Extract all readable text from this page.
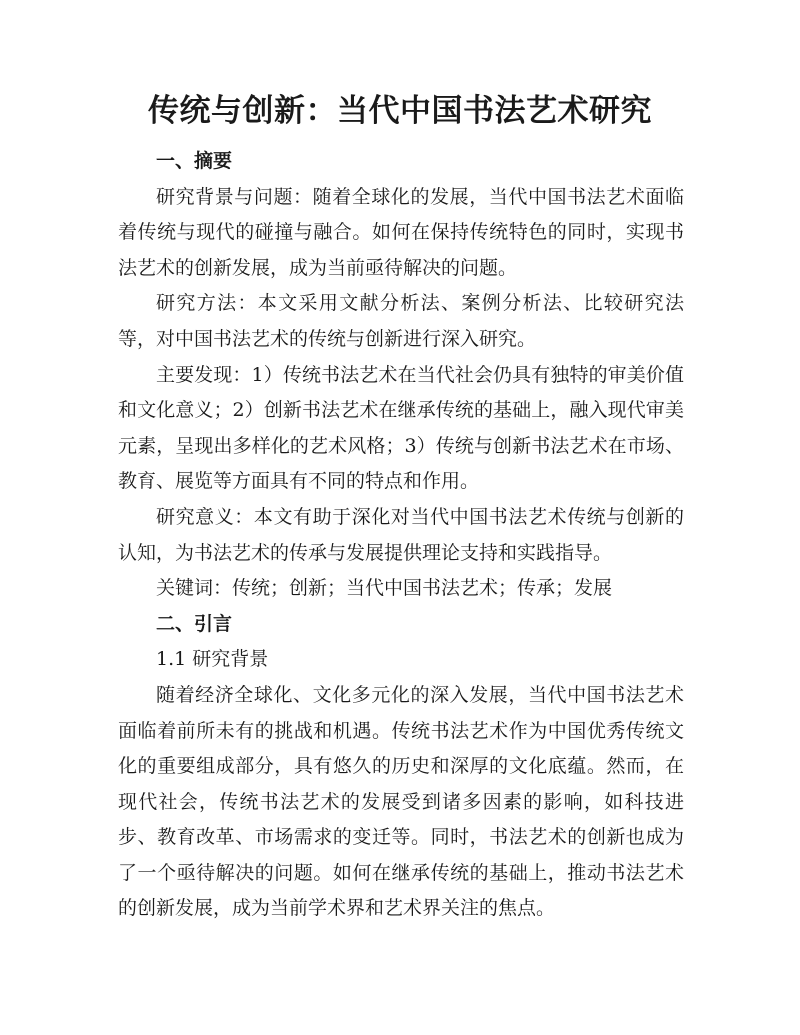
传统与创新：当代中国书法艺术研究

一、摘要

研究背景与问题：随着全球化的发展，当代中国书法艺术面临着传统与现代的碰撞与融合。如何在保持传统特色的同时，实现书法艺术的创新发展，成为当前亟待解决的问题。

研究方法：本文采用文献分析法、案例分析法、比较研究法等，对中国书法艺术的传统与创新进行深入研究。

主要发现：1）传统书法艺术在当代社会仍具有独特的审美价值和文化意义；2）创新书法艺术在继承传统的基础上，融入现代审美元素，呈现出多样化的艺术风格；3）传统与创新书法艺术在市场、教育、展览等方面具有不同的特点和作用。

研究意义：本文有助于深化对当代中国书法艺术传统与创新的认知，为书法艺术的传承与发展提供理论支持和实践指导。

关键词：传统；创新；当代中国书法艺术；传承；发展

二、引言

1.1 研究背景

随着经济全球化、文化多元化的深入发展，当代中国书法艺术面临着前所未有的挑战和机遇。传统书法艺术作为中国优秀传统文化的重要组成部分，具有悠久的历史和深厚的文化底蕴。然而，在现代社会，传统书法艺术的发展受到诸多因素的影响，如科技进步、教育改革、市场需求的变迁等。同时，书法艺术的创新也成为了一个亟待解决的问题。如何在继承传统的基础上，推动书法艺术的创新发展，成为当前学术界和艺术界关注的焦点。
